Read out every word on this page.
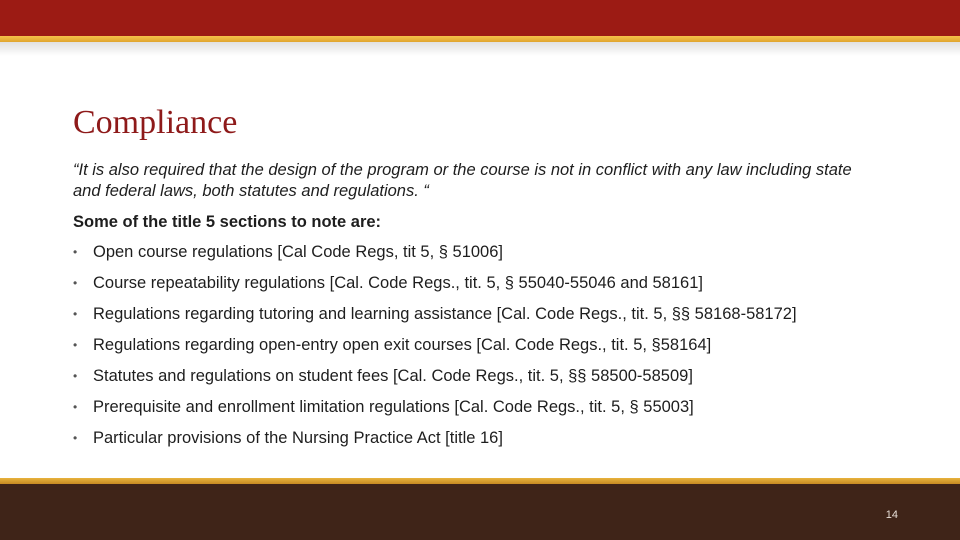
Compliance
“It is also required that the design of the program or the course is not in conflict with any law including state and federal laws, both statutes and regulations. “
Some of the title 5 sections to note are:
• Open course regulations [Cal Code Regs, tit 5, § 51006]
• Course repeatability regulations [Cal. Code Regs., tit. 5, § 55040-55046 and 58161]
• Regulations regarding tutoring and learning assistance [Cal. Code Regs., tit. 5, §§ 58168-58172]
• Regulations regarding open-entry open exit courses [Cal. Code Regs., tit. 5, §58164]
• Statutes and regulations on student fees [Cal. Code Regs., tit. 5, §§ 58500-58509]
• Prerequisite and enrollment limitation regulations [Cal. Code Regs., tit. 5, § 55003]
• Particular provisions of the Nursing Practice Act [title 16]
14
